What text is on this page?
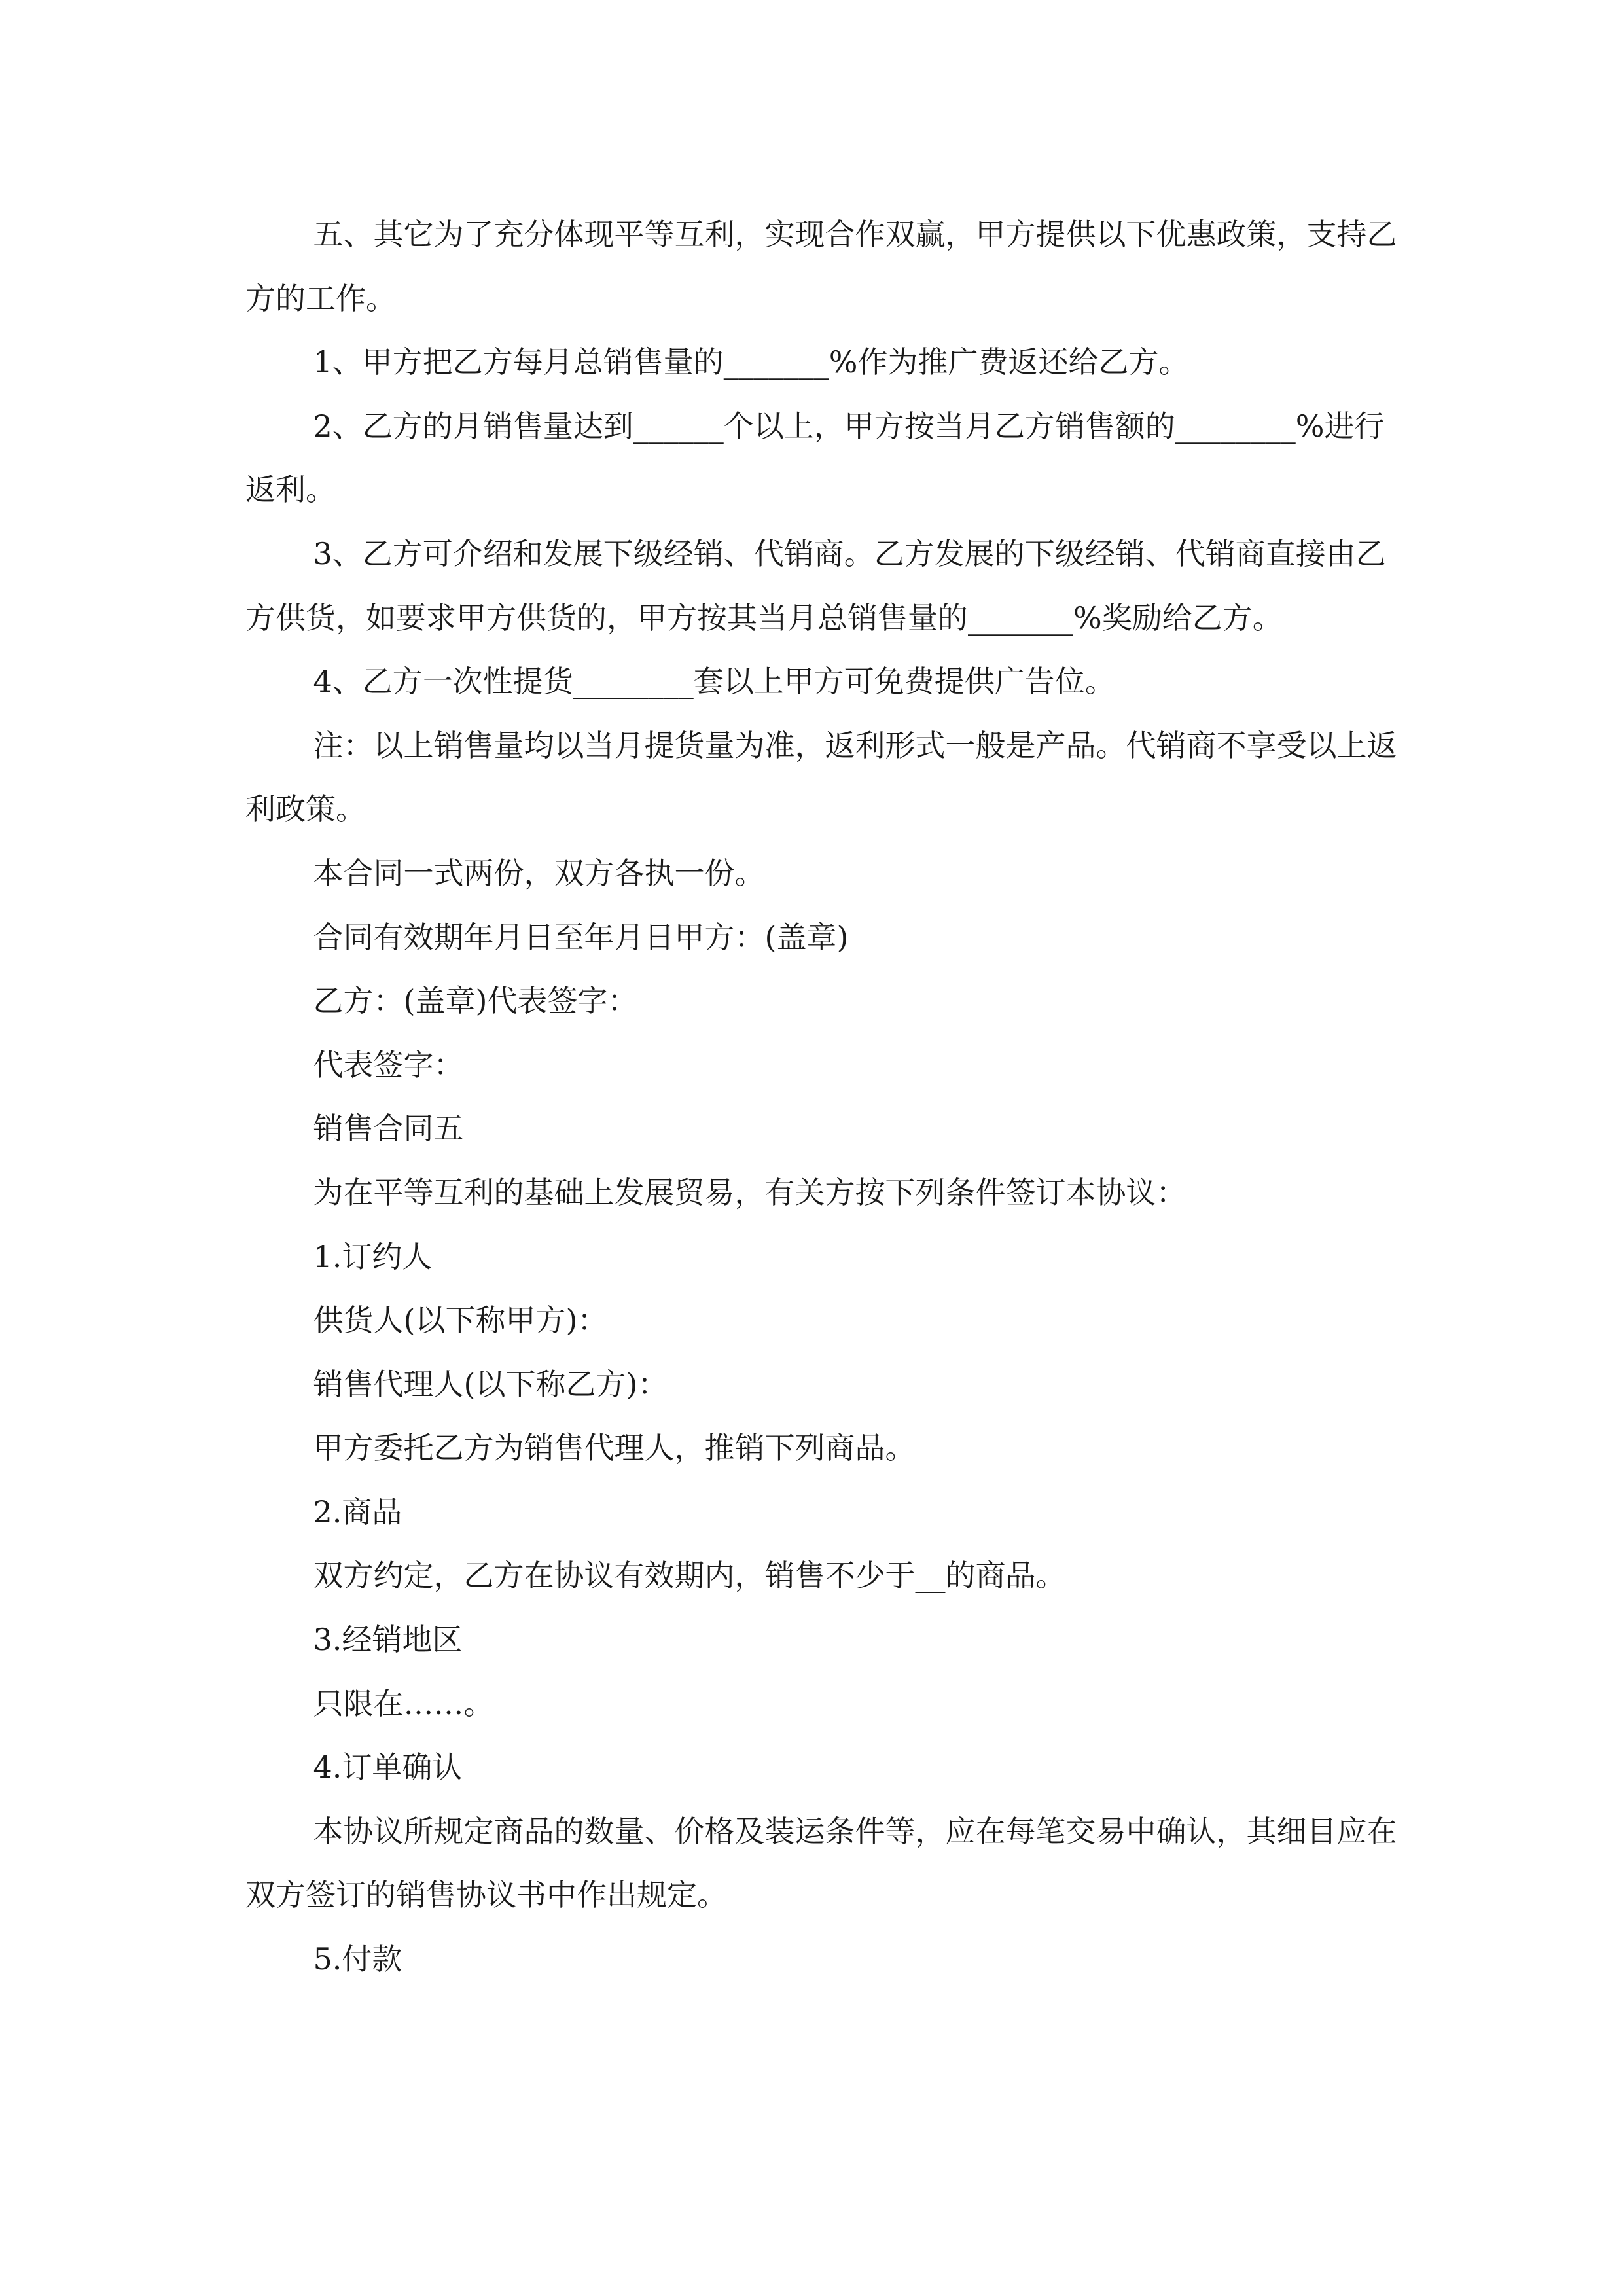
五、其它为了充分体现平等互利，实现合作双赢，甲方提供以下优惠政策，支持乙方的工作。

1、甲方把乙方每月总销售量的_______%作为推广费返还给乙方。

2、乙方的月销售量达到______个以上，甲方按当月乙方销售额的________%进行返利。

3、乙方可介绍和发展下级经销、代销商。乙方发展的下级经销、代销商直接由乙方供货，如要求甲方供货的，甲方按其当月总销售量的_______%奖励给乙方。

4、乙方一次性提货________套以上甲方可免费提供广告位。

注：以上销售量均以当月提货量为准，返利形式一般是产品。代销商不享受以上返利政策。

本合同一式两份，双方各执一份。

合同有效期年月日至年月日甲方：(盖章)

乙方：(盖章)代表签字：

代表签字：

销售合同五

为在平等互利的基础上发展贸易，有关方按下列条件签订本协议：

1.订约人

供货人(以下称甲方)：

销售代理人(以下称乙方)：

甲方委托乙方为销售代理人，推销下列商品。

2.商品

双方约定，乙方在协议有效期内，销售不少于__的商品。

3.经销地区

只限在……。

4.订单确认

本协议所规定商品的数量、价格及装运条件等，应在每笔交易中确认，其细目应在双方签订的销售协议书中作出规定。

5.付款
